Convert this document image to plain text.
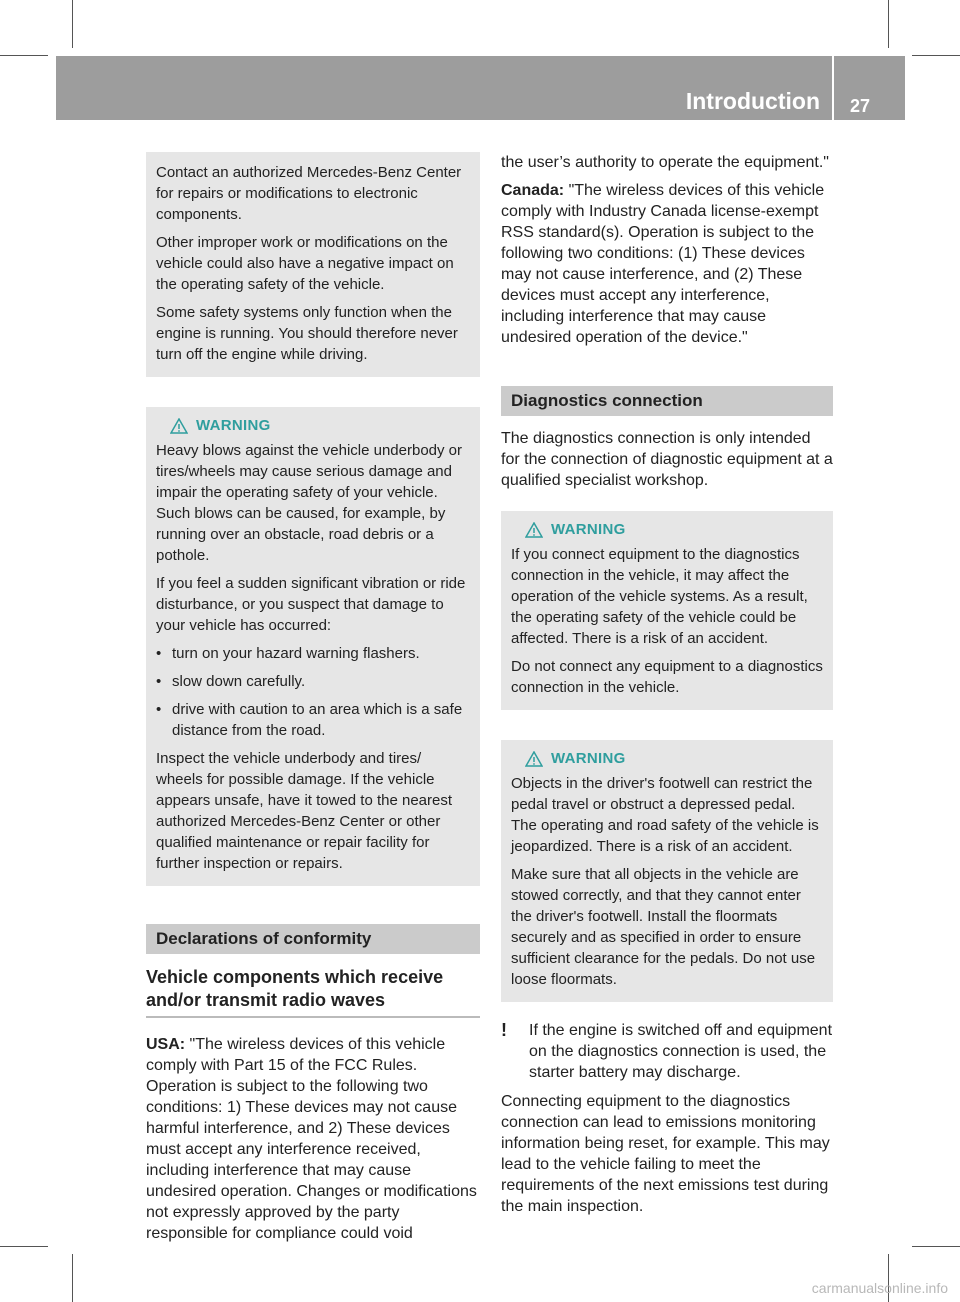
Introduction 27

Contact an authorized Mercedes-Benz Center for repairs or modifications to electronic components.

Other improper work or modifications on the vehicle could also have a negative impact on the operating safety of the vehicle.

Some safety systems only function when the engine is running. You should therefore never turn off the engine while driving.

WARNING

Heavy blows against the vehicle underbody or tires/wheels may cause serious damage and impair the operating safety of your vehicle. Such blows can be caused, for example, by running over an obstacle, road debris or a pothole.

If you feel a sudden significant vibration or ride disturbance, or you suspect that damage to your vehicle has occurred:

• turn on your hazard warning flashers.

• slow down carefully.

• drive with caution to an area which is a safe distance from the road.

Inspect the vehicle underbody and tires/ wheels for possible damage. If the vehicle appears unsafe, have it towed to the nearest authorized Mercedes-Benz Center or other qualified maintenance or repair facility for further inspection or repairs.

Declarations of conformity
Vehicle components which receive and/or transmit radio waves

USA: "The wireless devices of this vehicle comply with Part 15 of the FCC Rules. Operation is subject to the following two conditions: 1) These devices may not cause harmful interference, and 2) These devices must accept any interference received, including interference that may cause undesired operation. Changes or modifications not expressly approved by the party responsible for compliance could void

the user’s authority to operate the equipment."

Canada: "The wireless devices of this vehicle comply with Industry Canada license-exempt RSS standard(s). Operation is subject to the following two conditions: (1) These devices may not cause interference, and (2) These devices must accept any interference, including interference that may cause undesired operation of the device."

Diagnostics connection

The diagnostics connection is only intended for the connection of diagnostic equipment at a qualified specialist workshop.

WARNING

If you connect equipment to the diagnostics connection in the vehicle, it may affect the operation of the vehicle systems. As a result, the operating safety of the vehicle could be affected. There is a risk of an accident.

Do not connect any equipment to a diagnostics connection in the vehicle.

WARNING

Objects in the driver's footwell can restrict the pedal travel or obstruct a depressed pedal. The operating and road safety of the vehicle is jeopardized. There is a risk of an accident.

Make sure that all objects in the vehicle are stowed correctly, and that they cannot enter the driver's footwell. Install the floormats securely and as specified in order to ensure sufficient clearance for the pedals. Do not use loose floormats.

!	If the engine is switched off and equipment on the diagnostics connection is used, the starter battery may discharge.

Connecting equipment to the diagnostics connection can lead to emissions monitoring information being reset, for example. This may lead to the vehicle failing to meet the requirements of the next emissions test during the main inspection.

carmanualsonline.info
